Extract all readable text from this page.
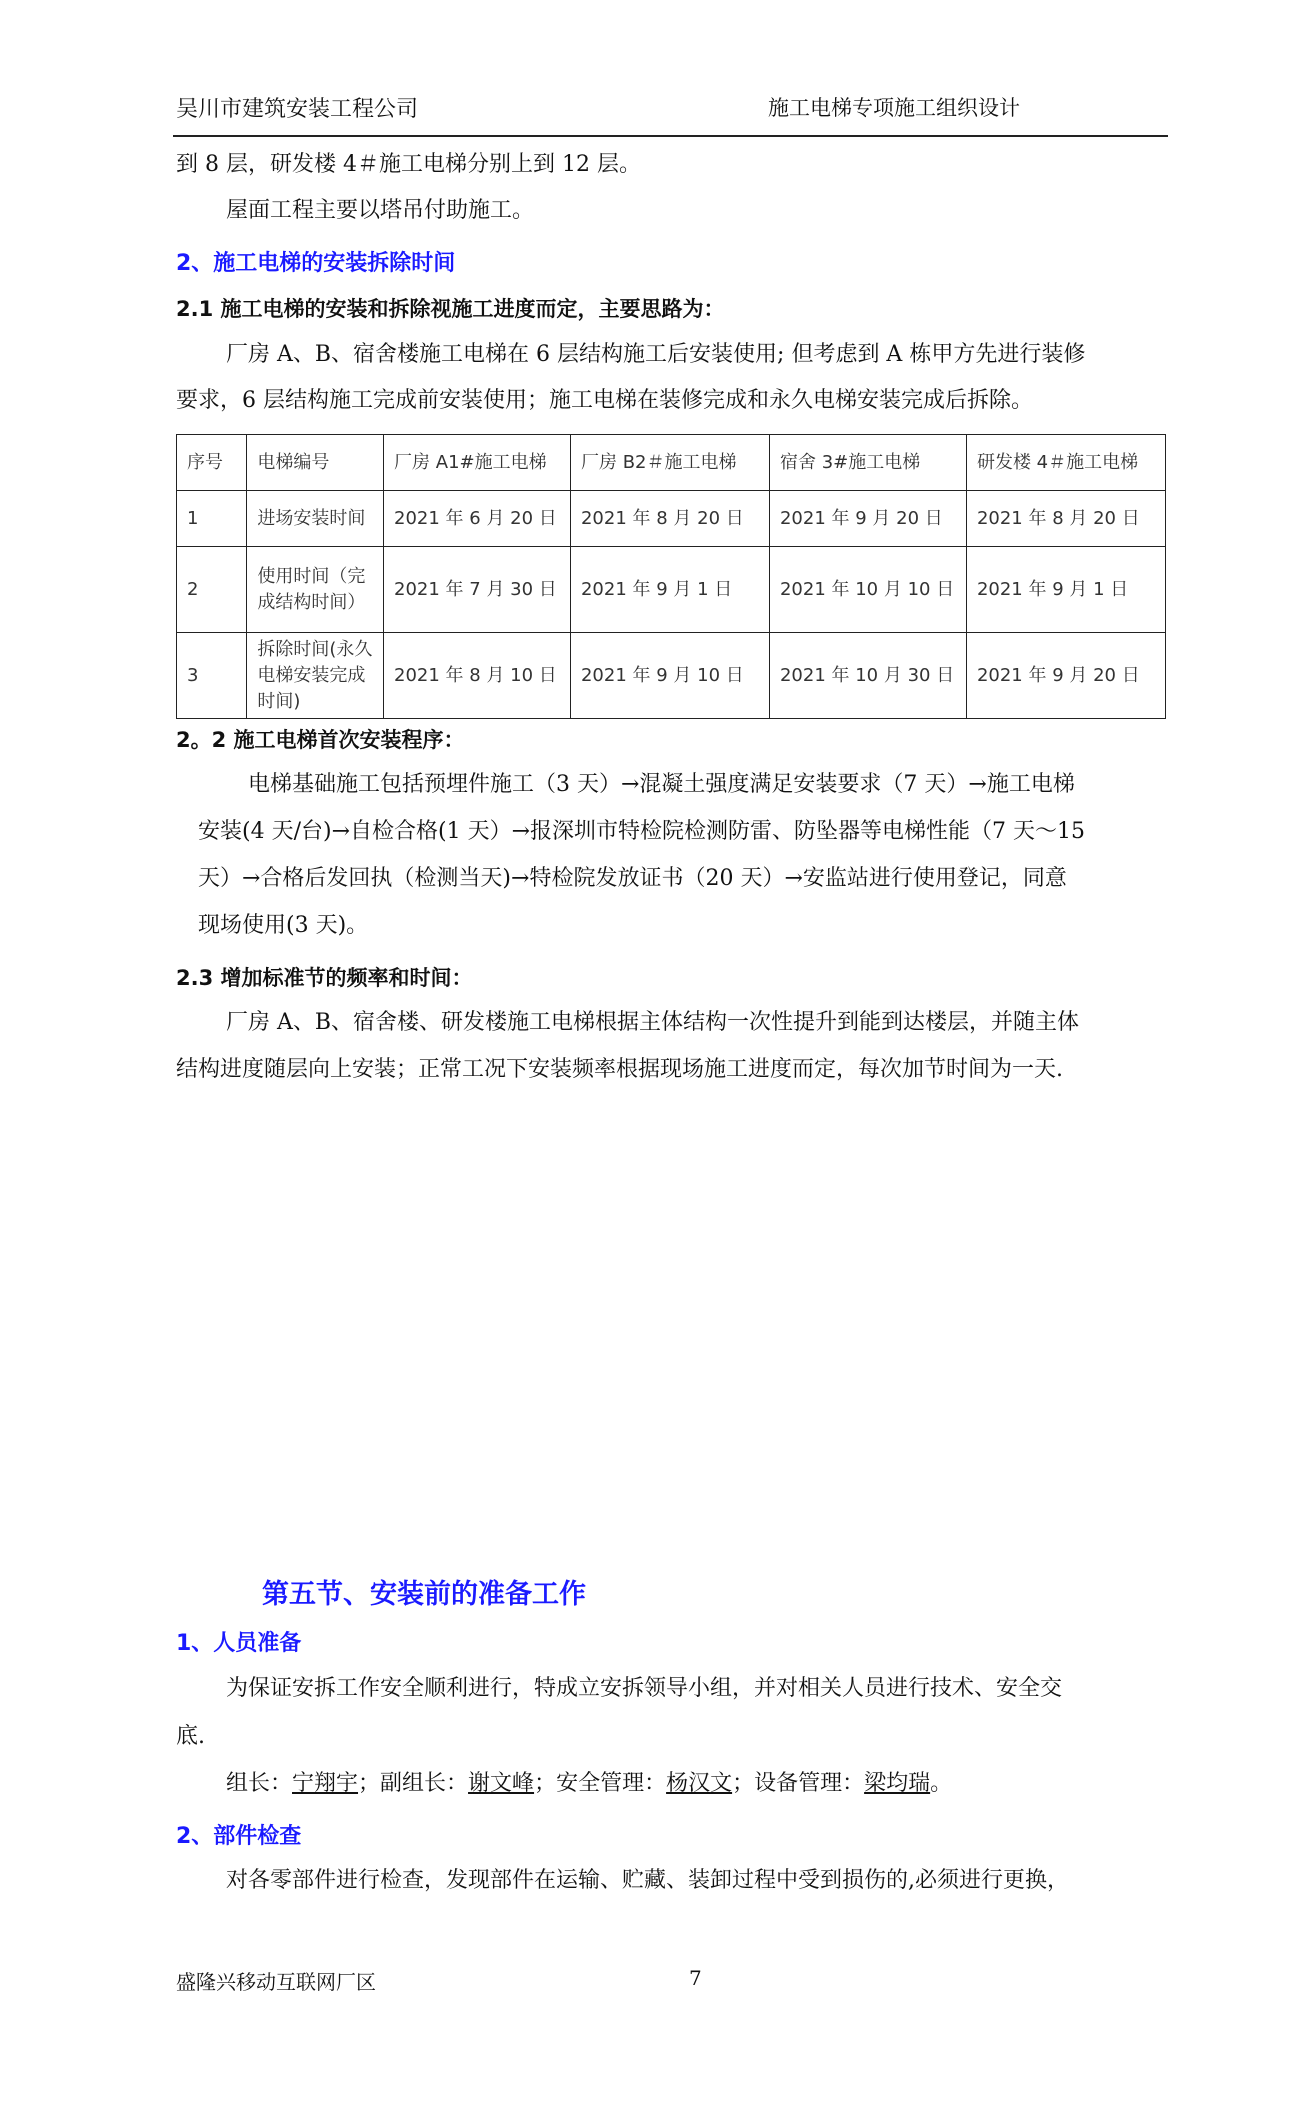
吴川市建筑安装工程公司	施工电梯专项施工组织设计
到 8 层，研发楼 4＃施工电梯分别上到 12 层。
屋面工程主要以塔吊付助施工。
2、施工电梯的安装拆除时间
2.1 施工电梯的安装和拆除视施工进度而定，主要思路为：
厂房 A、B、宿舍楼施工电梯在 6 层结构施工后安装使用; 但考虑到 A 栋甲方先进行装修
要求，6 层结构施工完成前安装使用；施工电梯在装修完成和永久电梯安装完成后拆除。
序号	电梯编号	厂房 A1#施工电梯	厂房 B2＃施工电梯	宿舍 3#施工电梯	研发楼 4＃施工电梯
1	进场安装时间	2021 年 6 月 20 日	2021 年 8 月 20 日	2021 年 9 月 20 日	2021 年 8 月 20 日
2	使用时间（完成结构时间）	2021 年 7 月 30 日	2021 年 9 月 1 日	2021 年 10 月 10 日	2021 年 9 月 1 日
3	拆除时间(永久电梯安装完成时间)	2021 年 8 月 10 日	2021 年 9 月 10 日	2021 年 10 月 30 日	2021 年 9 月 20 日
2。2 施工电梯首次安装程序：
电梯基础施工包括预埋件施工（3 天）→混凝土强度满足安装要求（7 天）→施工电梯
安装(4 天/台)→自检合格(1 天）→报深圳市特检院检测防雷、防坠器等电梯性能（7 天～15
天）→合格后发回执（检测当天)→特检院发放证书（20 天）→安监站进行使用登记，同意
现场使用(3 天)。
2.3 增加标准节的频率和时间：
厂房 A、B、宿舍楼、研发楼施工电梯根据主体结构一次性提升到能到达楼层，并随主体
结构进度随层向上安装；正常工况下安装频率根据现场施工进度而定，每次加节时间为一天.
第五节、安装前的准备工作
1、人员准备
为保证安拆工作安全顺利进行，特成立安拆领导小组，并对相关人员进行技术、安全交
底.
组长：宁翔宇；副组长：谢文峰；安全管理：杨汉文；设备管理：梁均瑞。
2、部件检查
对各零部件进行检查，发现部件在运输、贮藏、装卸过程中受到损伤的,必须进行更换，
盛隆兴移动互联网厂区	7
